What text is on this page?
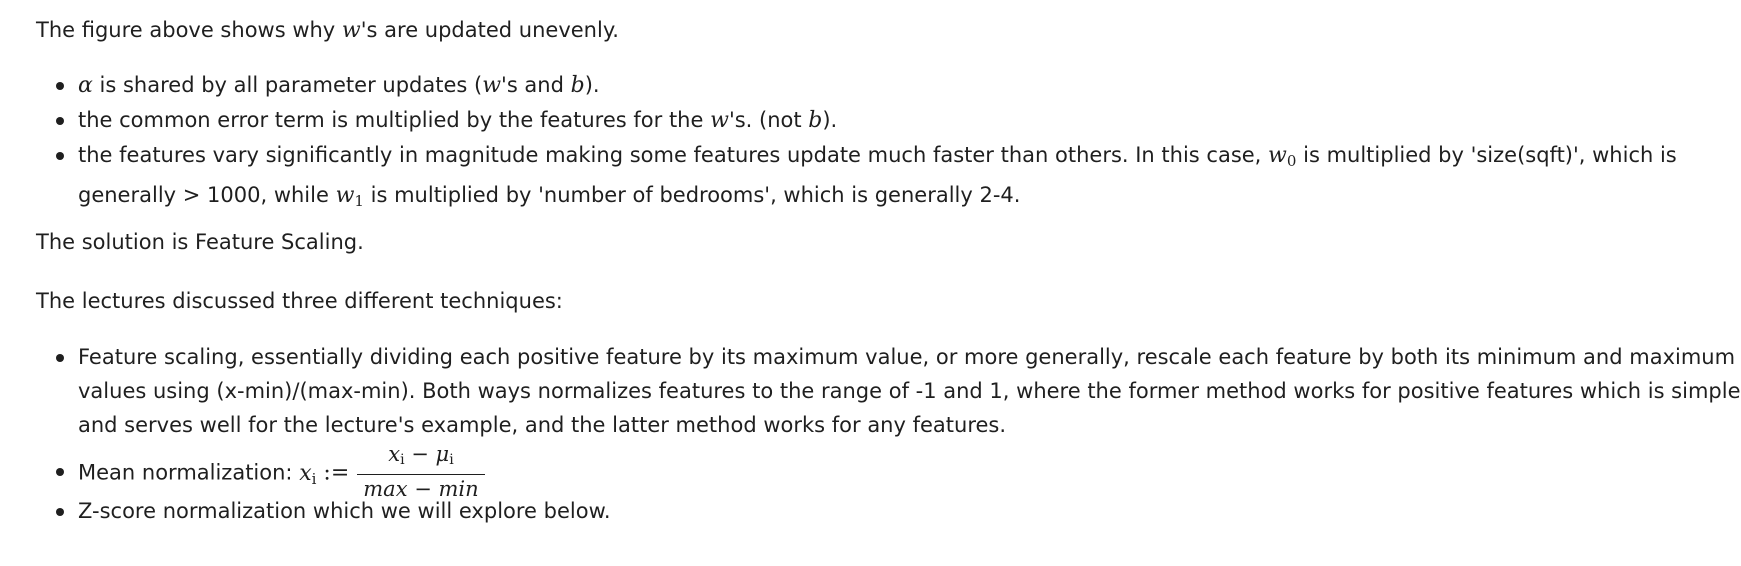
The figure above shows why w's are updated unevenly.

α is shared by all parameter updates (w's and b).
the common error term is multiplied by the features for the w's. (not b).
the features vary significantly in magnitude making some features update much faster than others. In this case, $w_0$ is multiplied by 'size(sqft)', which is
generally > 1000, while $w_1$ is multiplied by 'number of bedrooms', which is generally 2-4.

The solution is Feature Scaling.

The lectures discussed three different techniques:

Feature scaling, essentially dividing each positive feature by its maximum value, or more generally, rescale each feature by both its minimum and maximum
values using (x-min)/(max-min). Both ways normalizes features to the range of -1 and 1, where the former method works for positive features which is simple
and serves well for the lecture's example, and the latter method works for any features.
Mean normalization: $x_i$ := $\frac{x_i - \mu_i}{\max - \min}$
Z-score normalization which we will explore below.
